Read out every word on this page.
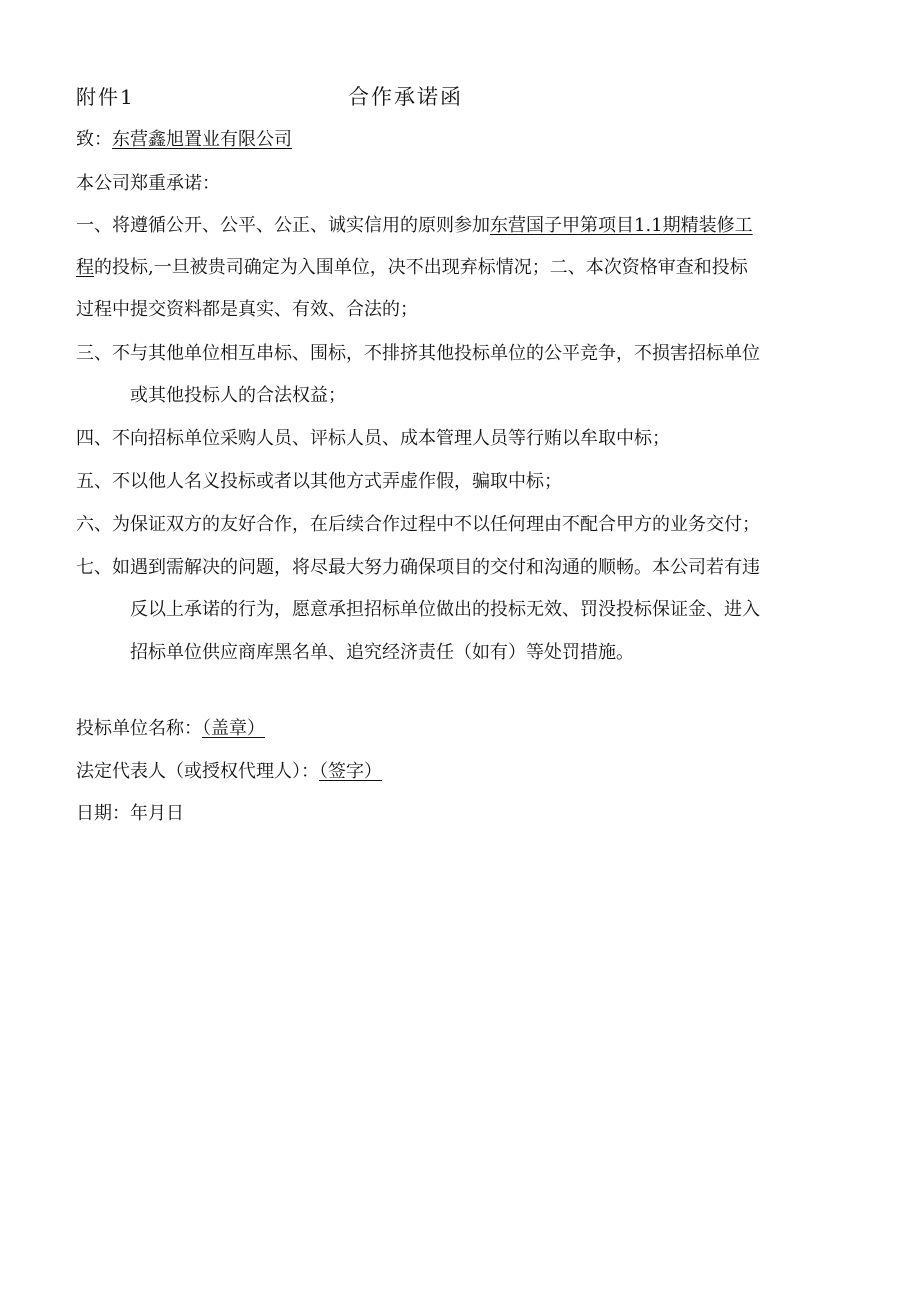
附件1	合作承诺函
致：东营鑫旭置业有限公司
本公司郑重承诺：
一、将遵循公开、公平、公正、诚实信用的原则参加东营国子甲第项目1.1期精装修工
程的投标,一旦被贵司确定为入围单位，决不出现弃标情况；二、本次资格审查和投标
过程中提交资料都是真实、有效、合法的；
三、不与其他单位相互串标、围标，不排挤其他投标单位的公平竞争，不损害招标单位
或其他投标人的合法权益；
四、不向招标单位采购人员、评标人员、成本管理人员等行贿以牟取中标；
五、不以他人名义投标或者以其他方式弄虚作假，骗取中标；
六、为保证双方的友好合作，在后续合作过程中不以任何理由不配合甲方的业务交付；
七、如遇到需解决的问题，将尽最大努力确保项目的交付和沟通的顺畅。本公司若有违
反以上承诺的行为，愿意承担招标单位做出的投标无效、罚没投标保证金、进入
招标单位供应商库黑名单、追究经济责任（如有）等处罚措施。
投标单位名称：（盖章）
法定代表人（或授权代理人）：（签字）
日期：年月日
